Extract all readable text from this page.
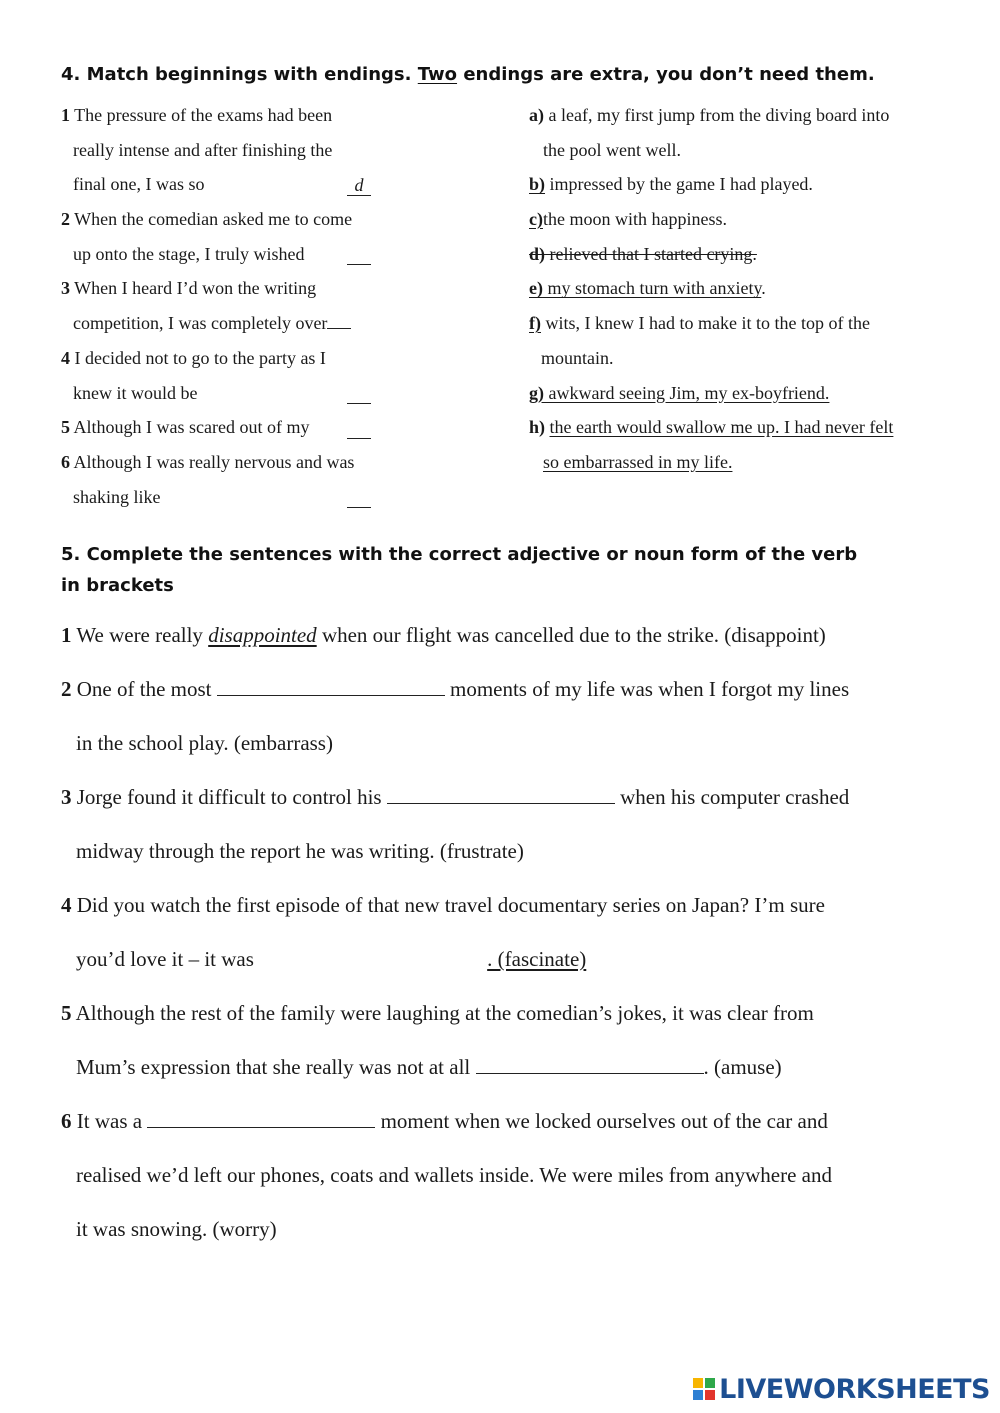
4. Match beginnings with endings. Two endings are extra, you don’t need them.
1 The pressure of the exams had been
really intense and after finishing the
final one, I was so	d
2 When the comedian asked me to come
up onto the stage, I truly wished
3 When I heard I’d won the writing
competition, I was completely over
4 I decided not to go to the party as I
knew it would be
5 Although I was scared out of my
6 Although I was really nervous and was
shaking like
a) a leaf, my first jump from the diving board into
the pool went well.
b) impressed by the game I had played.
c)the moon with happiness.
d) relieved that I started crying.
e) my stomach turn with anxiety.
f) wits, I knew I had to make it to the top of the
mountain.
g) awkward seeing Jim, my ex-boyfriend.
h) the earth would swallow me up. I had never felt
so embarrassed in my life.
5. Complete the sentences with the correct adjective or noun form of the verb
in brackets
1 We were really disappointed when our flight was cancelled due to the strike. (disappoint)
2 One of the most	moments of my life was when I forgot my lines
in the school play. (embarrass)
3 Jorge found it difficult to control his	when his computer crashed
midway through the report he was writing. (frustrate)
4 Did you watch the first episode of that new travel documentary series on Japan? I’m sure
you’d love it – it was	. (fascinate)
5 Although the rest of the family were laughing at the comedian’s jokes, it was clear from
Mum’s expression that she really was not at all	. (amuse)
6 It was a	moment when we locked ourselves out of the car and
realised we’d left our phones, coats and wallets inside. We were miles from anywhere and
it was snowing. (worry)
LIVEWORKSHEETS
